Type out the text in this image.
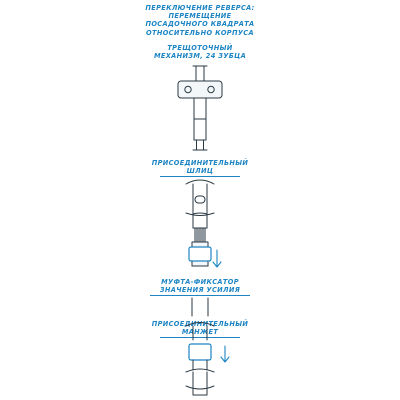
ПЕРЕКЛЮЧЕНИЕ РЕВЕРСА:
ПЕРЕМЕЩЕНИЕ
ПОСАДОЧНОГО КВАДРАТА
ОТНОСИТЕЛЬНО КОРПУСА
ТРЕЩОТОЧНЫЙ
МЕХАНИЗМ, 24 ЗУБЦА
ПРИСОЕДИНИТЕЛЬНЫЙ
ШЛИЦ
МУФТА-ФИКСАТОР
ЗНАЧЕНИЯ УСИЛИЯ
ПРИСОЕДИНИТЕЛЬНЫЙ
МАНЖЕТ
